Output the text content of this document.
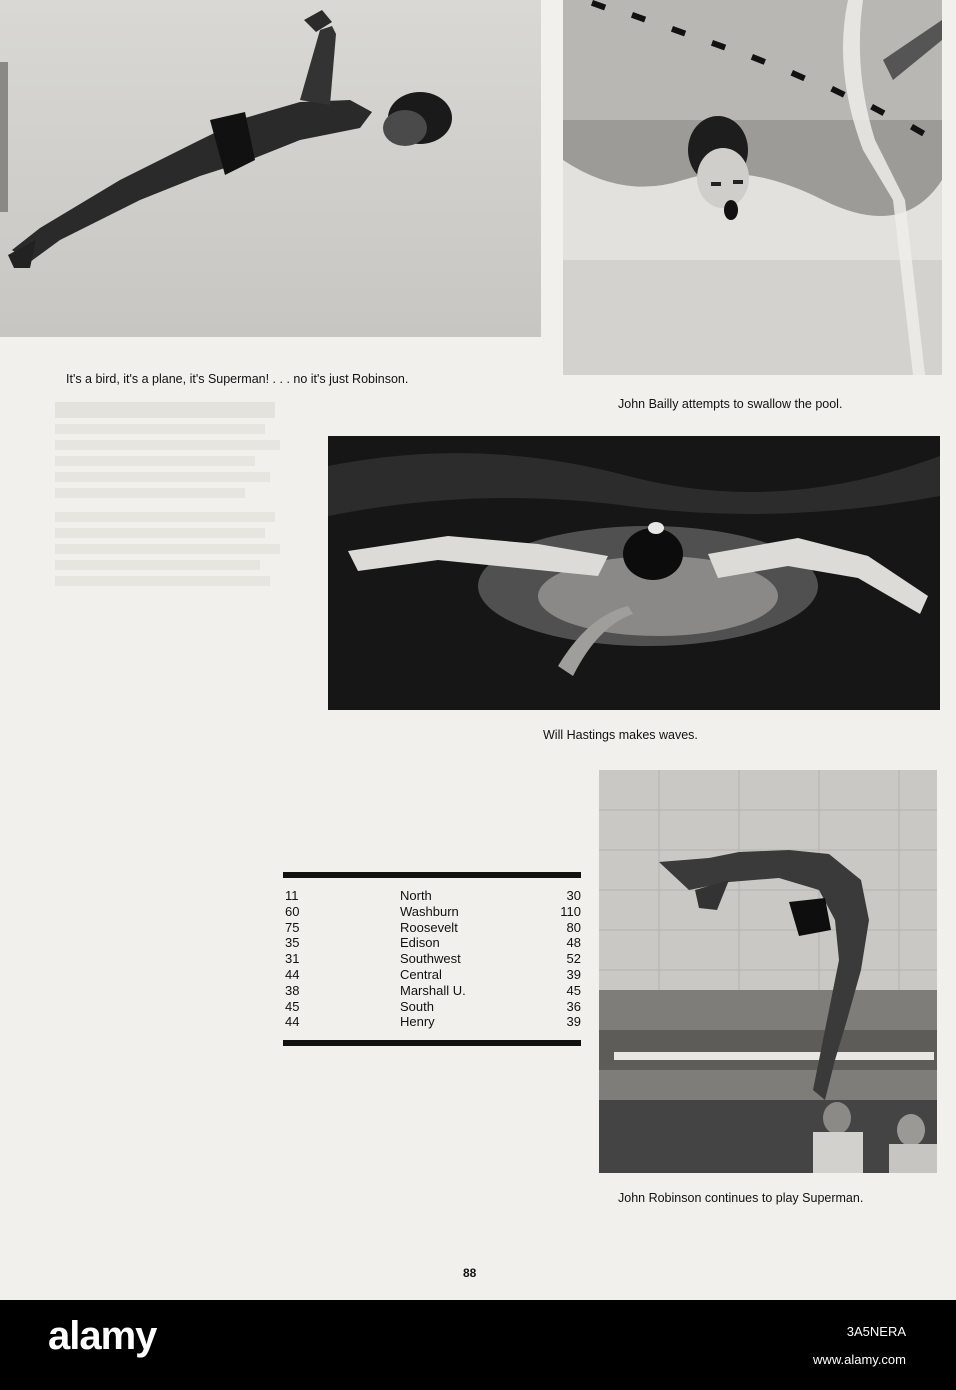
It's a bird, it's a plane, it's Superman! . . . no it's just Robinson.
John Bailly attempts to swallow the pool.
Will Hastings makes waves.
John Robinson continues to play Superman.
11	North	30
60	Washburn	110
75	Roosevelt	80
35	Edison	48
31	Southwest	52
44	Central	39
38	Marshall U.	45
45	South	36
44	Henry	39
88
alamy	3A5NERA
www.alamy.com
